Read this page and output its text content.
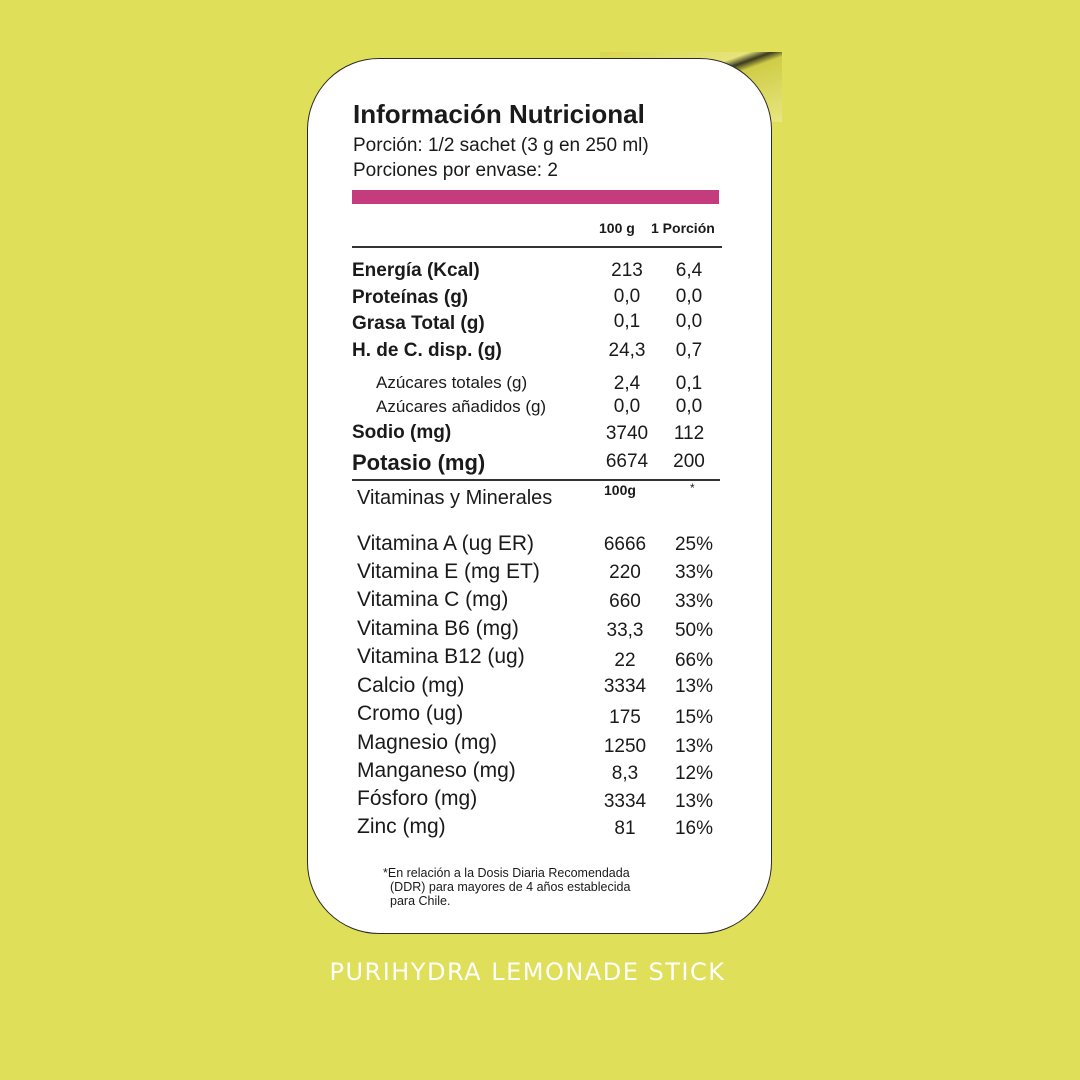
Información Nutricional
Porción: 1/2 sachet (3 g en 250 ml)
Porciones por envase: 2
100 g 1 Porción
Energía (Kcal)	213	6,4
Proteínas (g)	0,0	0,0
Grasa Total (g)	0,1	0,0
H. de C. disp. (g)	24,3	0,7
Azúcares totales (g)	2,4	0,1
Azúcares añadidos (g)	0,0	0,0
Sodio (mg)	3740	112
Potasio (mg)	6674	200
Vitaminas y Minerales	100g	*
Vitamina A (ug ER)	6666	25%
Vitamina E (mg ET)	220	33%
Vitamina C (mg)	660	33%
Vitamina B6 (mg)	33,3	50%
Vitamina B12 (ug)	22	66%
Calcio (mg)	3334	13%
Cromo (ug)	175	15%
Magnesio (mg)	1250	13%
Manganeso (mg)	8,3	12%
Fósforo (mg)	3334	13%
Zinc (mg)	81	16%
*En relación a la Dosis Diaria Recomendada
(DDR) para mayores de 4 años establecida
para Chile.
PURIHYDRA LEMONADE STICK
